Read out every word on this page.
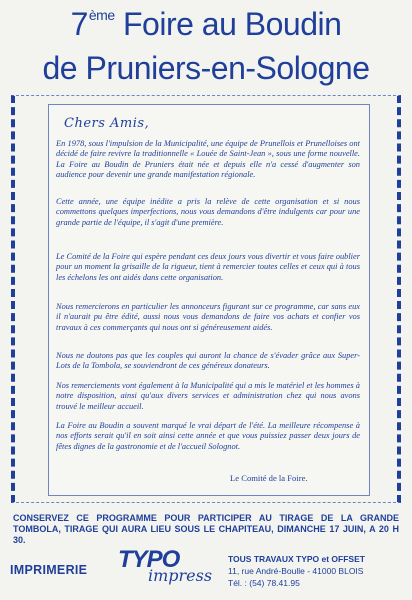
7ème Foire au Boudin
de Pruniers-en-Sologne
Chers Amis,
En 1978, sous l'impulsion de la Municipalité, une équipe de Prunellois et Prunelloises ont décidé de faire revivre la traditionnelle « Louée de Saint-Jean », sous une forme nouvelle. La Foire au Boudin de Pruniers était née et depuis elle n'a cessé d'augmenter son audience pour devenir une grande manifestation régionale.
Cette année, une équipe inédite a pris la relève de cette organisation et si nous commettons quelques imperfections, nous vous demandons d'être indulgents car pour une grande partie de l'équipe, il s'agit d'une première.
Le Comité de la Foire qui espère pendant ces deux jours vous divertir et vous faire oublier pour un moment la grisaille de la rigueur, tient à remercier toutes celles et ceux qui à tous les échelons les ont aidés dans cette organisation.
Nous remercierons en particulier les annonceurs figurant sur ce programme, car sans eux il n'aurait pu être édité, aussi nous vous demandons de faire vos achats et confier vos travaux à ces commerçants qui nous ont si généreusement aidés.
Nous ne doutons pas que les couples qui auront la chance de s'évader grâce aux Super-Lots de la Tombola, se souviendront de ces généreux donateurs.
Nos remerciements vont également à la Municipalité qui a mis le matériel et les hommes à notre disposition, ainsi qu'aux divers services et administration chez qui nous avons trouvé le meilleur accueil.
La Foire au Boudin a souvent marqué le vrai départ de l'été. La meilleure récompense à nos efforts serait qu'il en soit ainsi cette année et que vous puissiez passer deux jours de fêtes dignes de la gastronomie et de l'accueil Solognot.
Le Comité de la Foire.
CONSERVEZ CE PROGRAMME POUR PARTICIPER AU TIRAGE DE LA GRANDE TOMBOLA, TIRAGE QUI AURA LIEU SOUS LE CHAPITEAU, DIMANCHE 17 JUIN, A 20 H 30.
IMPRIMERIE TYPO
impress
TOUS TRAVAUX TYPO et OFFSET
11, rue André-Boulle - 41000 BLOIS
Tél. : (54) 78.41.95
